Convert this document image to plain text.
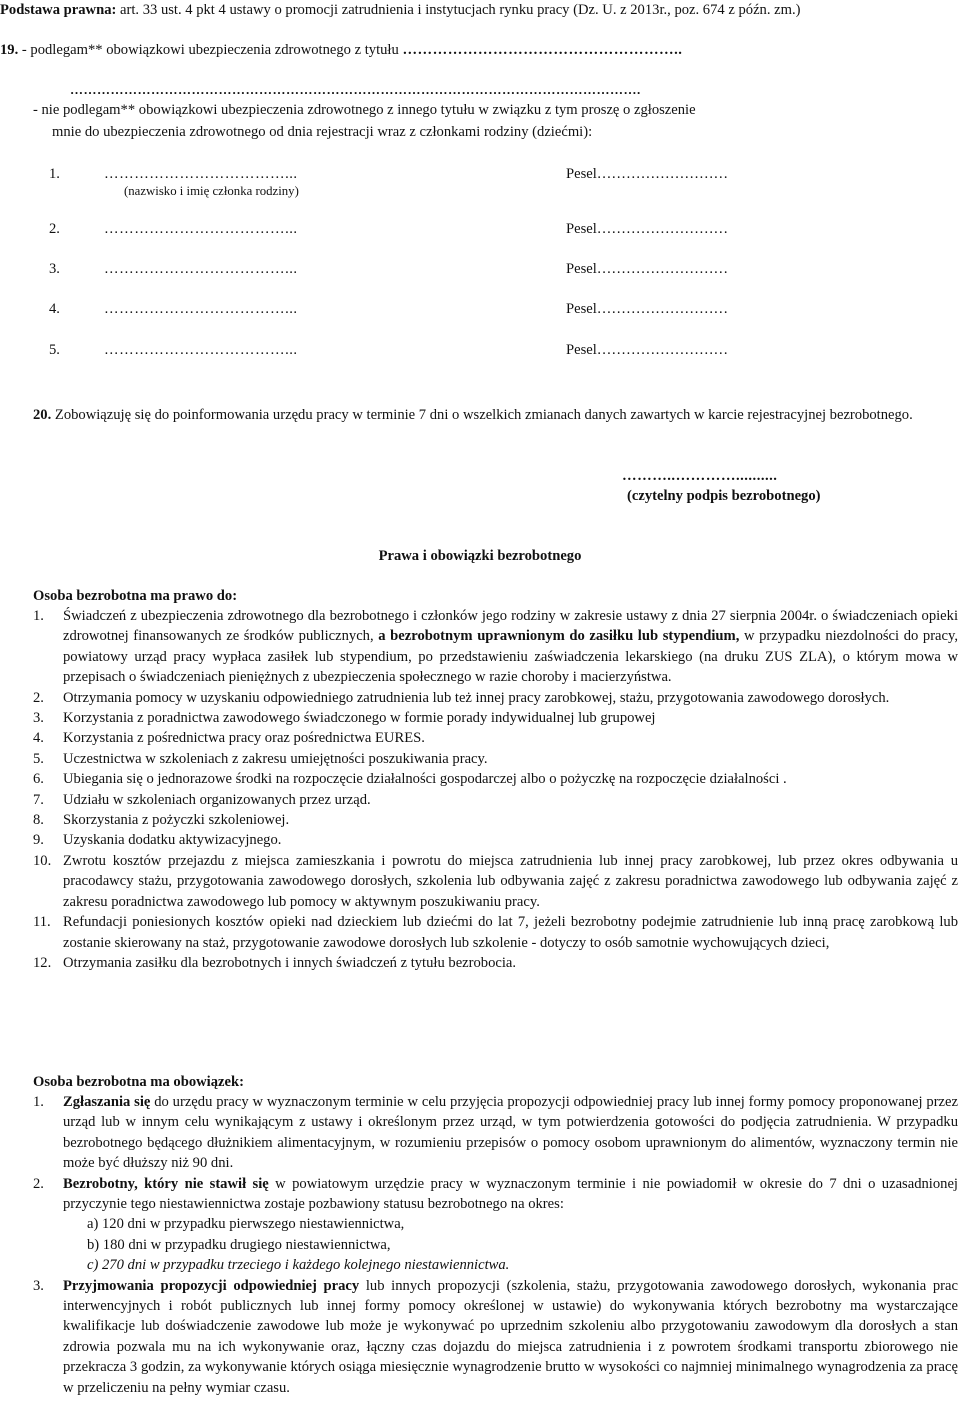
Podstawa prawna: art. 33 ust. 4 pkt 4 ustawy o promocji zatrudnienia i instytucjach rynku pracy (Dz. U. z 2013r., poz. 674 z późn. zm.)
19. - podlegam** obowiązkowi ubezpieczenia zdrowotnego z tytułu ………………………………………………..
……………………………………………………………………………………………………………….
- nie podlegam** obowiązkowi ubezpieczenia zdrowotnego z innego tytułu w związku z tym proszę o zgłoszenie
mnie do ubezpieczenia zdrowotnego od dnia rejestracji wraz z członkami rodziny (dziećmi):
1.	………………………………...	Pesel………………………
(nazwisko i imię członka rodziny)
2.	………………………………...	Pesel………………………
3.	………………………………...	Pesel………………………
4.	………………………………...	Pesel………………………
5.	………………………………...	Pesel………………………
20. Zobowiązuję się do poinformowania urzędu pracy w terminie 7 dni o wszelkich zmianach danych zawartych w karcie rejestracyjnej bezrobotnego.
………..…………..........
(czytelny podpis bezrobotnego)
Prawa i obowiązki bezrobotnego
Osoba bezrobotna ma prawo do:
1. Świadczeń z ubezpieczenia zdrowotnego dla bezrobotnego i członków jego rodziny w zakresie ustawy z dnia 27 sierpnia 2004r. o świadczeniach opieki zdrowotnej finansowanych ze środków publicznych, a bezrobotnym uprawnionym do zasiłku lub stypendium, w przypadku niezdolności do pracy, powiatowy urząd pracy wypłaca zasiłek lub stypendium, po przedstawieniu zaświadczenia lekarskiego (na druku ZUS ZLA), o którym mowa w przepisach o świadczeniach pieniężnych z ubezpieczenia społecznego w razie choroby i macierzyństwa.
2. Otrzymania pomocy w uzyskaniu odpowiedniego zatrudnienia lub też innej pracy zarobkowej, stażu, przygotowania zawodowego dorosłych.
3. Korzystania z poradnictwa zawodowego świadczonego w formie porady indywidualnej lub grupowej
4. Korzystania z pośrednictwa pracy oraz pośrednictwa EURES.
5. Uczestnictwa w szkoleniach z zakresu umiejętności poszukiwania pracy.
6. Ubiegania się o jednorazowe środki na rozpoczęcie działalności gospodarczej albo o pożyczkę na rozpoczęcie działalności .
7. Udziału w szkoleniach organizowanych przez urząd.
8. Skorzystania z pożyczki szkoleniowej.
9. Uzyskania dodatku aktywizacyjnego.
10. Zwrotu kosztów przejazdu z miejsca zamieszkania i powrotu do miejsca zatrudnienia lub innej pracy zarobkowej, lub przez okres odbywania u pracodawcy stażu, przygotowania zawodowego dorosłych, szkolenia lub odbywania zajęć z zakresu poradnictwa zawodowego lub odbywania zajęć z zakresu poradnictwa zawodowego lub pomocy w aktywnym poszukiwaniu pracy.
11. Refundacji poniesionych kosztów opieki nad dzieckiem lub dziećmi do lat 7, jeżeli bezrobotny podejmie zatrudnienie lub inną pracę zarobkową lub zostanie skierowany na staż, przygotowanie zawodowe dorosłych lub szkolenie - dotyczy to osób samotnie wychowujących dzieci,
12. Otrzymania zasiłku dla bezrobotnych i innych świadczeń z tytułu bezrobocia.
Osoba bezrobotna ma obowiązek:
1. Zgłaszania się do urzędu pracy w wyznaczonym terminie w celu przyjęcia propozycji odpowiedniej pracy lub innej formy pomocy proponowanej przez urząd lub w innym celu wynikającym z ustawy i określonym przez urząd, w tym potwierdzenia gotowości do podjęcia zatrudnienia. W przypadku bezrobotnego będącego dłużnikiem alimentacyjnym, w rozumieniu przepisów o pomocy osobom uprawnionym do alimentów, wyznaczony termin nie może być dłuższy niż 90 dni.
2. Bezrobotny, który nie stawił się w powiatowym urzędzie pracy w wyznaczonym terminie i nie powiadomił w okresie do 7 dni o uzasadnionej przyczynie tego niestawiennictwa zostaje pozbawiony statusu bezrobotnego na okres:
a) 120 dni w przypadku pierwszego niestawiennictwa,
b) 180 dni w przypadku drugiego niestawiennictwa,
c) 270 dni w przypadku trzeciego i każdego kolejnego niestawiennictwa.
3. Przyjmowania propozycji odpowiedniej pracy lub innych propozycji (szkolenia, stażu, przygotowania zawodowego dorosłych, wykonania prac interwencyjnych i robót publicznych lub innej formy pomocy określonej w ustawie) do wykonywania których bezrobotny ma wystarczające kwalifikacje lub doświadczenie zawodowe lub może je wykonywać po uprzednim szkoleniu albo przygotowaniu zawodowym dla dorosłych a stan zdrowia pozwala mu na ich wykonywanie oraz, łączny czas dojazdu do miejsca zatrudnienia i z powrotem środkami transportu zbiorowego nie przekracza 3 godzin, za wykonywanie których osiąga miesięcznie wynagrodzenie brutto w wysokości co najmniej minimalnego wynagrodzenia za pracę w przeliczeniu na pełny wymiar czasu.
